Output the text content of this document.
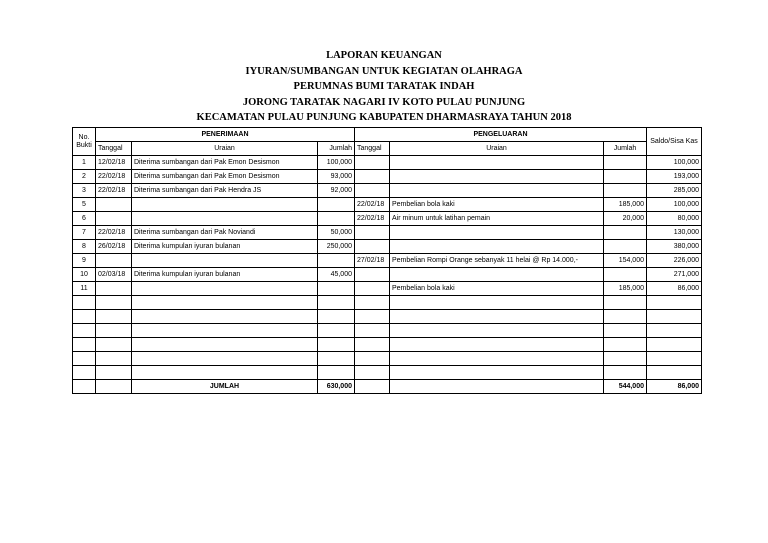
LAPORAN KEUANGAN
IYURAN/SUMBANGAN UNTUK KEGIATAN OLAHRAGA
PERUMNAS BUMI TARATAK INDAH
JORONG TARATAK NAGARI IV KOTO PULAU PUNJUNG
KECAMATAN PULAU PUNJUNG KABUPATEN DHARMASRAYA TAHUN 2018
No. Bukti	PENERIMAAN			PENGELUARAN			Saldo/Sisa Kas
	Tanggal	Uraian	Jumlah	Tanggal	Uraian	Jumlah	
1	12/02/18	Diterima sumbangan dari Pak Emon Desismon	100,000				100,000
2	22/02/18	Diterima sumbangan dari Pak Emon Desismon	93,000				193,000
3	22/02/18	Diterima sumbangan dari Pak Hendra JS	92,000				285,000
5				22/02/18	Pembelian bola kaki	185,000	100,000
6				22/02/18	Air minum untuk latihan pemain	20,000	80,000
7	22/02/18	Diterima sumbangan dari Pak Noviandi	50,000				130,000
8	26/02/18	Diterima kumpulan iyuran bulanan	250,000				380,000
9				27/02/18	Pembelian Rompi Orange sebanyak 11 helai @ Rp 14.000,-	154,000	226,000
10	02/03/18	Diterima kumpulan iyuran bulanan	45,000				271,000
11					Pembelian bola kaki	185,000	86,000

		JUMLAH	630,000			544,000	86,000
